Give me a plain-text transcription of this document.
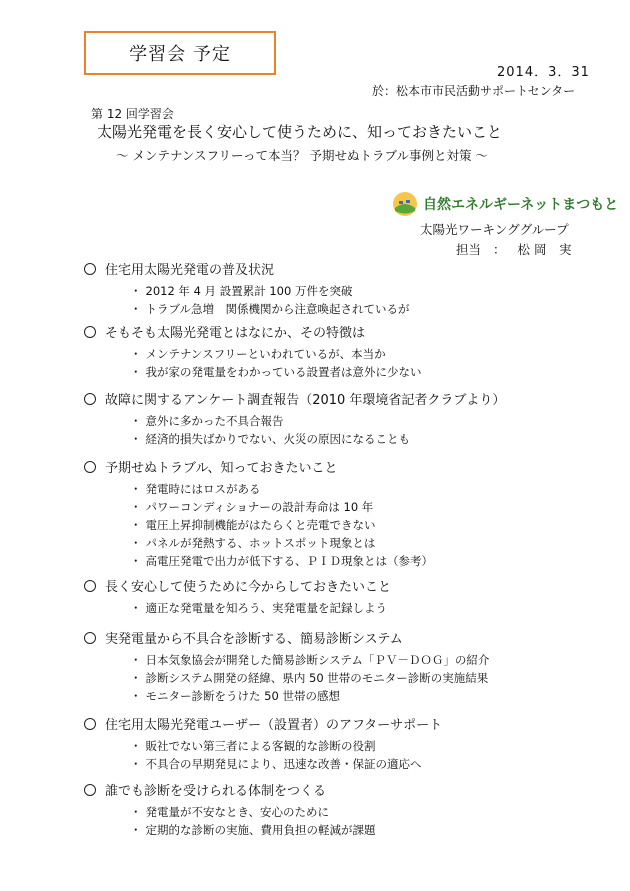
学習会 予定
2014．3．31
於：松本市市民活動サポートセンター
第 12 回学習会
太陽光発電を長く安心して使うために、知っておきたいこと
～ メンテナンスフリーって本当？ 予期せぬトラブル事例と対策 ～
自然エネルギーネットまつもと
太陽光ワーキンググループ
担当 ： 松 岡　実
住宅用太陽光発電の普及状況
・ 2012 年 4 月 設置累計 100 万件を突破
・ トラブル急増　関係機関から注意喚起されているが
そもそも太陽光発電とはなにか、その特徴は
・ メンテナンスフリーといわれているが、本当か
・ 我が家の発電量をわかっている設置者は意外に少ない
故障に関するアンケート調査報告（2010 年環境省記者クラブより）
・ 意外に多かった不具合報告
・ 経済的損失ばかりでない、火災の原因になることも
予期せぬトラブル、知っておきたいこと
・ 発電時にはロスがある
・ パワーコンディショナーの設計寿命は 10 年
・ 電圧上昇抑制機能がはたらくと売電できない
・ パネルが発熱する、ホットスポット現象とは
・ 高電圧発電で出力が低下する、ＰＩＤ現象とは（参考）
長く安心して使うために今からしておきたいこと
・ 適正な発電量を知ろう、実発電量を記録しよう
実発電量から不具合を診断する、簡易診断システム
・ 日本気象協会が開発した簡易診断システム「ＰＶ－ＤＯＧ」の紹介
・ 診断システム開発の経緯、県内 50 世帯のモニター診断の実施結果
・ モニター診断をうけた 50 世帯の感想
住宅用太陽光発電ユーザー（設置者）のアフターサポート
・ 販社でない第三者による客観的な診断の役割
・ 不具合の早期発見により、迅速な改善・保証の適応へ
誰でも診断を受けられる体制をつくる
・ 発電量が不安なとき、安心のために
・ 定期的な診断の実施、費用負担の軽減が課題
